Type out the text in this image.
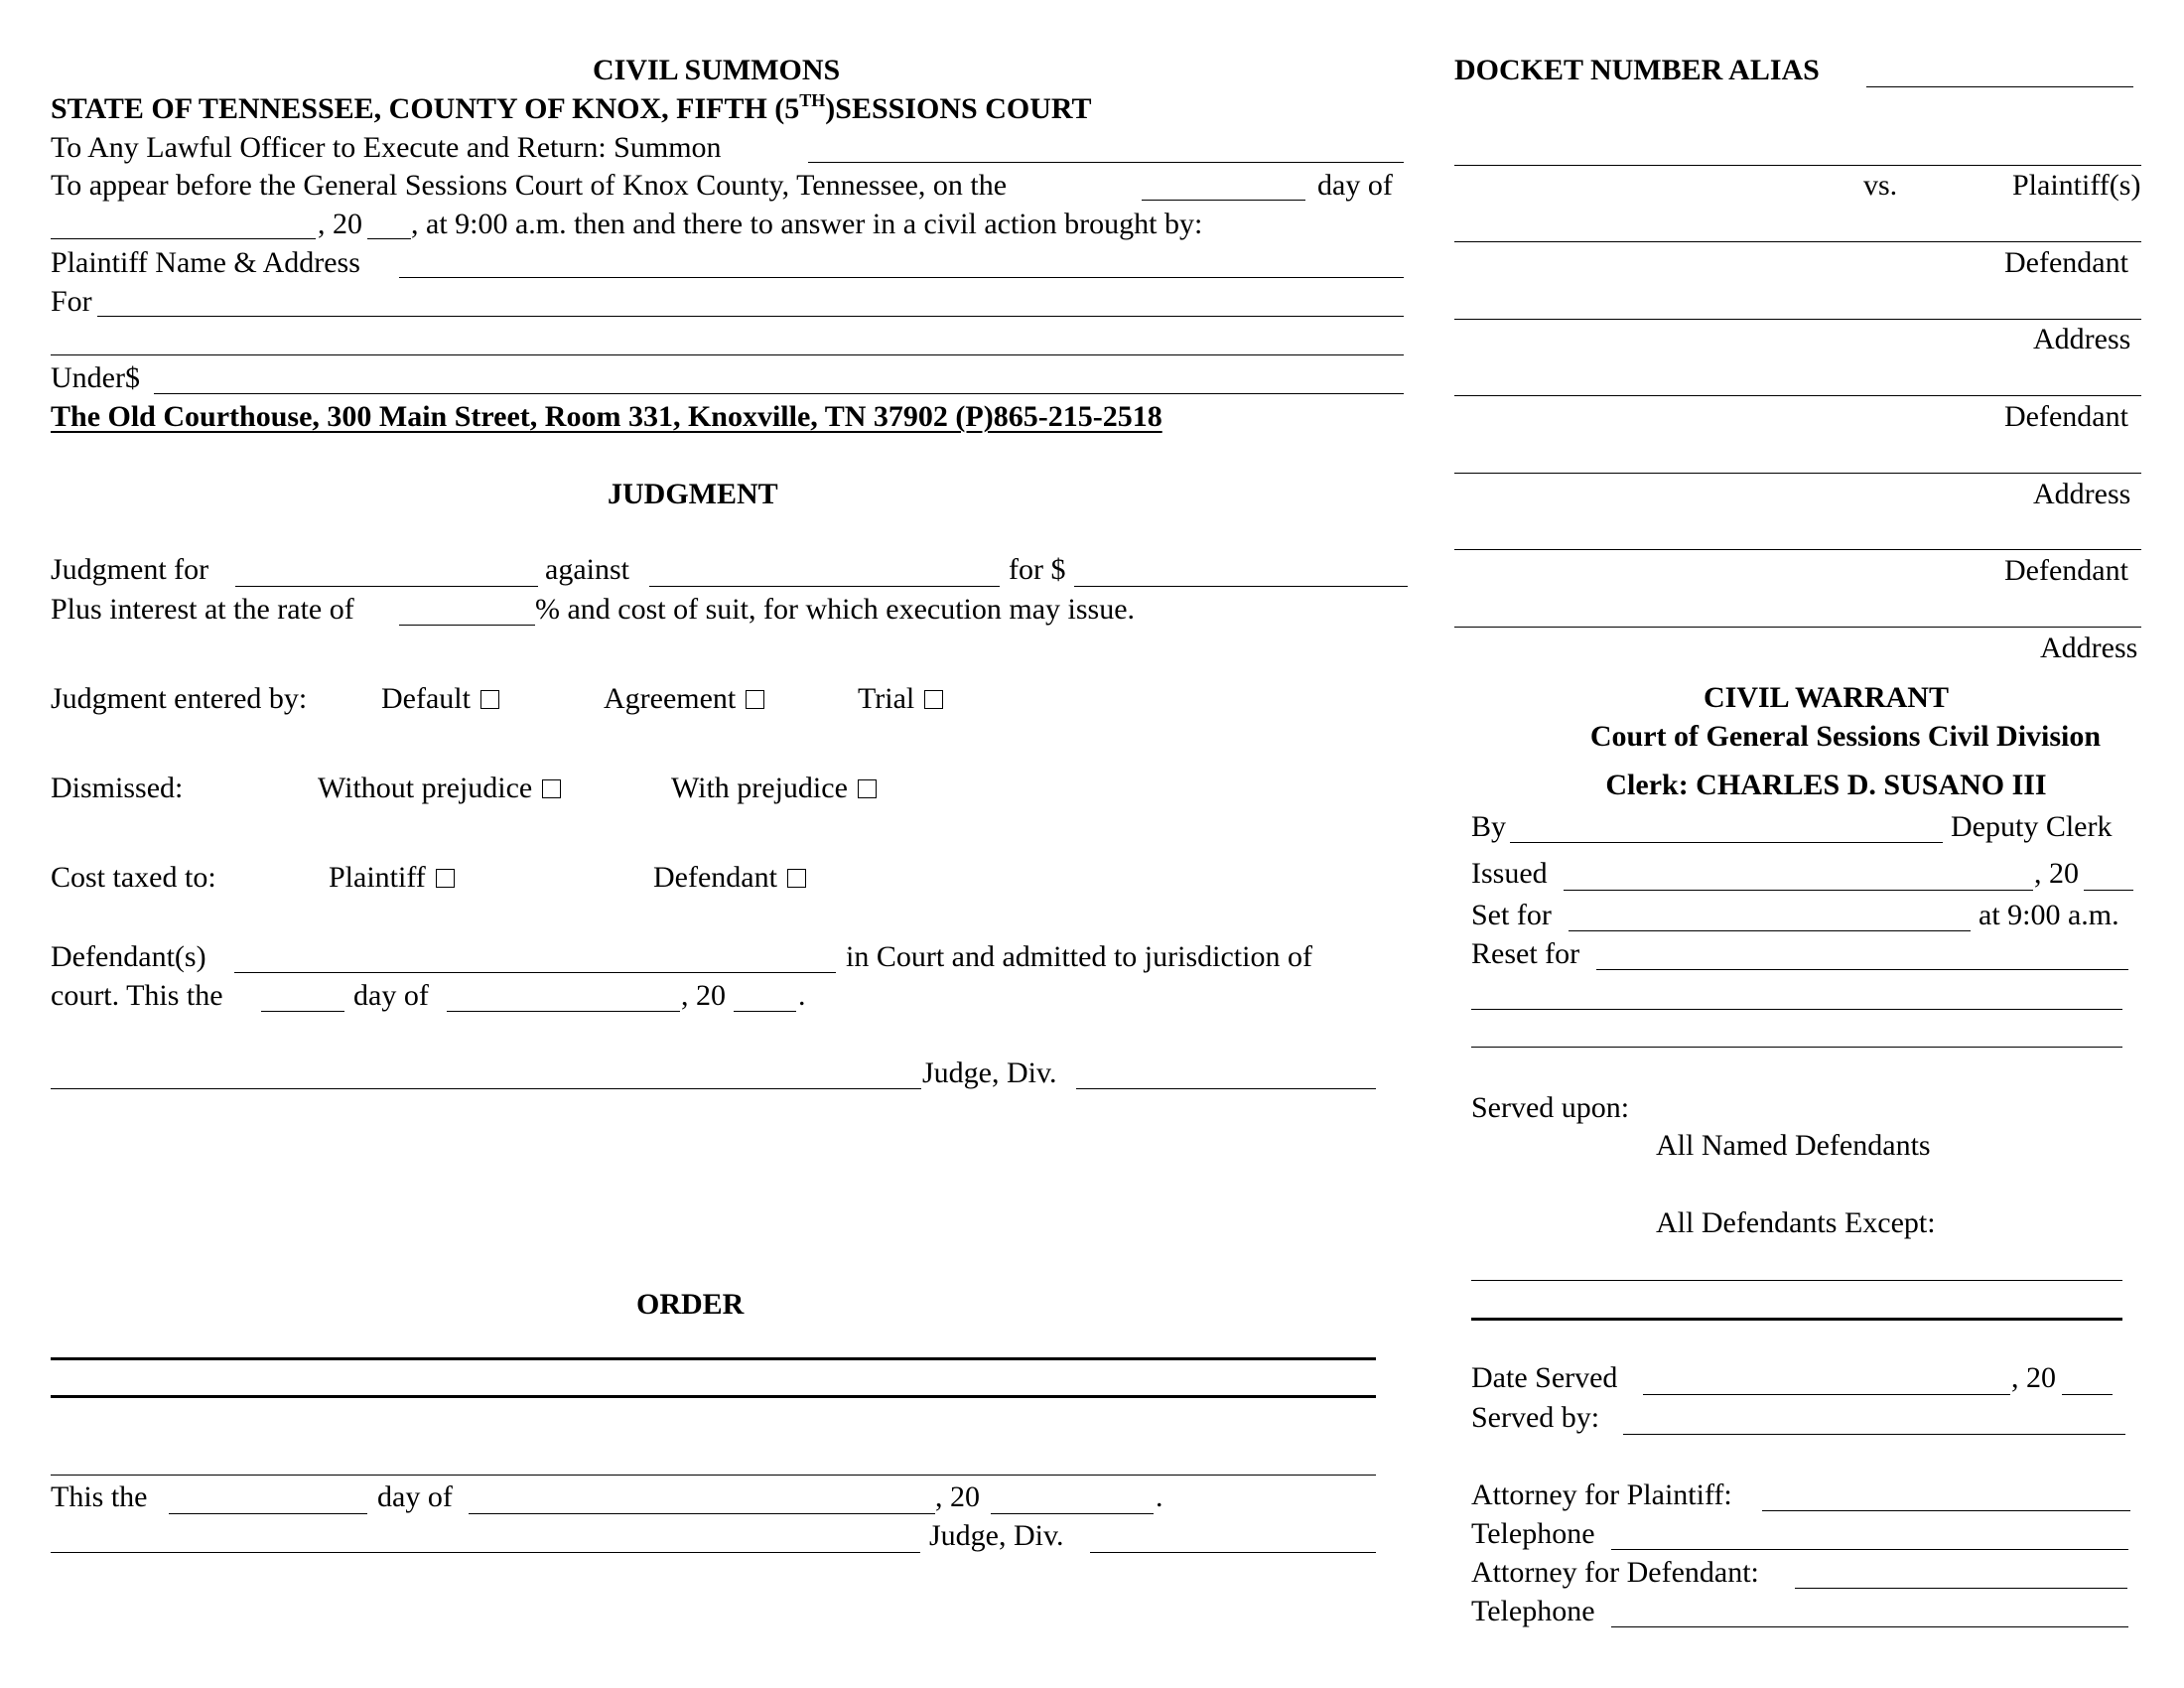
CIVIL SUMMONS
STATE OF TENNESSEE, COUNTY OF KNOX, FIFTH (5TH)SESSIONS COURT
To Any Lawful Officer to Execute and Return: Summon
To appear before the General Sessions Court of Knox County, Tennessee, on the	day of
, 20 , at 9:00 a.m. then and there to answer in a civil action brought by:
Plaintiff Name & Address
For
Under$
The Old Courthouse, 300 Main Street, Room 331, Knoxville, TN 37902 (P)865-215-2518
JUDGMENT
Judgment for	against	for $
Plus interest at the rate of	% and cost of suit, for which execution may issue.
Judgment entered by: Default	Agreement	Trial
Dismissed:	Without prejudice	With prejudice
Cost taxed to:	Plaintiff	Defendant
Defendant(s)	in Court and admitted to jurisdiction of
court. This the	day of	, 20 .
Judge, Div.
ORDER
This the	day of	, 20	.
Judge, Div.
DOCKET NUMBER ALIAS
vs.	Plaintiff(s)
Defendant
Address
Defendant
Address
Defendant
Address
CIVIL WARRANT
Court of General Sessions Civil Division
Clerk: CHARLES D. SUSANO III
By	Deputy Clerk
Issued	, 20
Set for	at 9:00 a.m.
Reset for
Served upon:
All Named Defendants
All Defendants Except:
Date Served	, 20
Served by:
Attorney for Plaintiff:
Telephone
Attorney for Defendant:
Telephone
